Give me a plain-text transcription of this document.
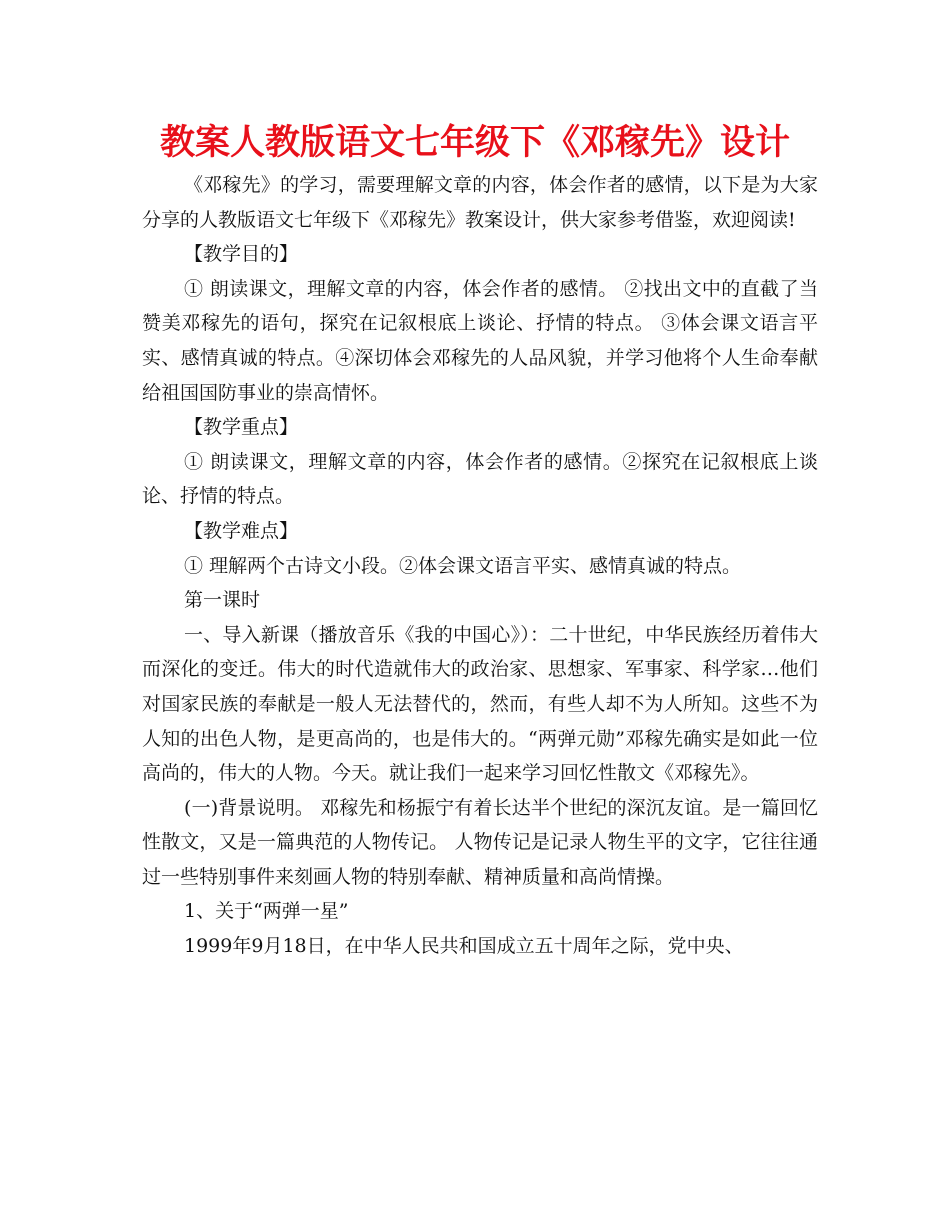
教案人教版语文七年级下《邓稼先》设计

《邓稼先》的学习，需要理解文章的内容，体会作者的感情，以下是为大家分享的人教版语文七年级下《邓稼先》教案设计，供大家参考借鉴，欢迎阅读!

【教学目的】

① 朗读课文，理解文章的内容，体会作者的感情。 ②找出文中的直截了当赞美邓稼先的语句，探究在记叙根底上谈论、抒情的特点。 ③体会课文语言平实、感情真诚的特点。④深切体会邓稼先的人品风貌，并学习他将个人生命奉献给祖国国防事业的崇高情怀。

【教学重点】

① 朗读课文，理解文章的内容，体会作者的感情。②探究在记叙根底上谈论、抒情的特点。

【教学难点】

① 理解两个古诗文小段。②体会课文语言平实、感情真诚的特点。

第一课时

一、导入新课（播放音乐《我的中国心》）：二十世纪，中华民族经历着伟大而深化的变迁。伟大的时代造就伟大的政治家、思想家、军事家、科学家…他们对国家民族的奉献是一般人无法替代的，然而，有些人却不为人所知。这些不为人知的出色人物，是更高尚的，也是伟大的。“两弹元勋”邓稼先确实是如此一位高尚的，伟大的人物。今天。就让我们一起来学习回忆性散文《邓稼先》。

(一)背景说明。 邓稼先和杨振宁有着长达半个世纪的深沉友谊。是一篇回忆性散文，又是一篇典范的人物传记。 人物传记是记录人物生平的文字，它往往通过一些特别事件来刻画人物的特别奉献、精神质量和高尚情操。

1、关于“两弹一星”

1999年9月18日，在中华人民共和国成立五十周年之际，党中央、
